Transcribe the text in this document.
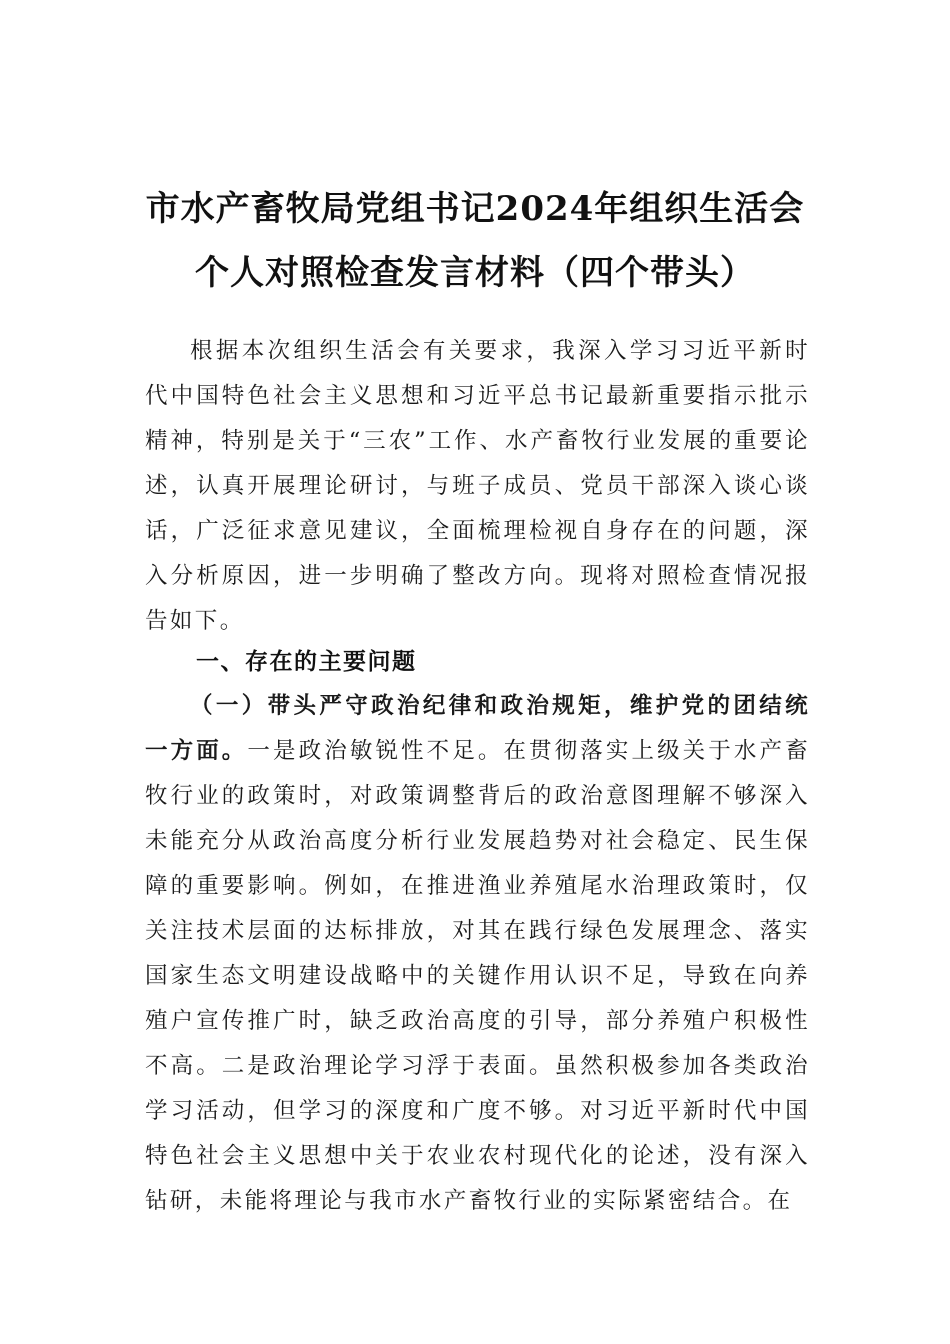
市水产畜牧局党组书记2024年组织生活会
个人对照检查发言材料（四个带头）

根据本次组织生活会有关要求，我深入学习习近平新时代中国特色社会主义思想和习近平总书记最新重要指示批示精神，特别是关于“三农”工作、水产畜牧行业发展的重要论述，认真开展理论研讨，与班子成员、党员干部深入谈心谈话，广泛征求意见建议，全面梳理检视自身存在的问题，深入分析原因，进一步明确了整改方向。现将对照检查情况报告如下。

一、存在的主要问题

（一）带头严守政治纪律和政治规矩，维护党的团结统一方面。一是政治敏锐性不足。在贯彻落实上级关于水产畜牧行业的政策时，对政策调整背后的政治意图理解不够深入未能充分从政治高度分析行业发展趋势对社会稳定、民生保障的重要影响。例如，在推进渔业养殖尾水治理政策时，仅关注技术层面的达标排放，对其在践行绿色发展理念、落实国家生态文明建设战略中的关键作用认识不足，导致在向养殖户宣传推广时，缺乏政治高度的引导，部分养殖户积极性不高。二是政治理论学习浮于表面。虽然积极参加各类政治学习活动，但学习的深度和广度不够。对习近平新时代中国特色社会主义思想中关于农业农村现代化的论述，没有深入钻研，未能将理论与我市水产畜牧行业的实际紧密结合。在
